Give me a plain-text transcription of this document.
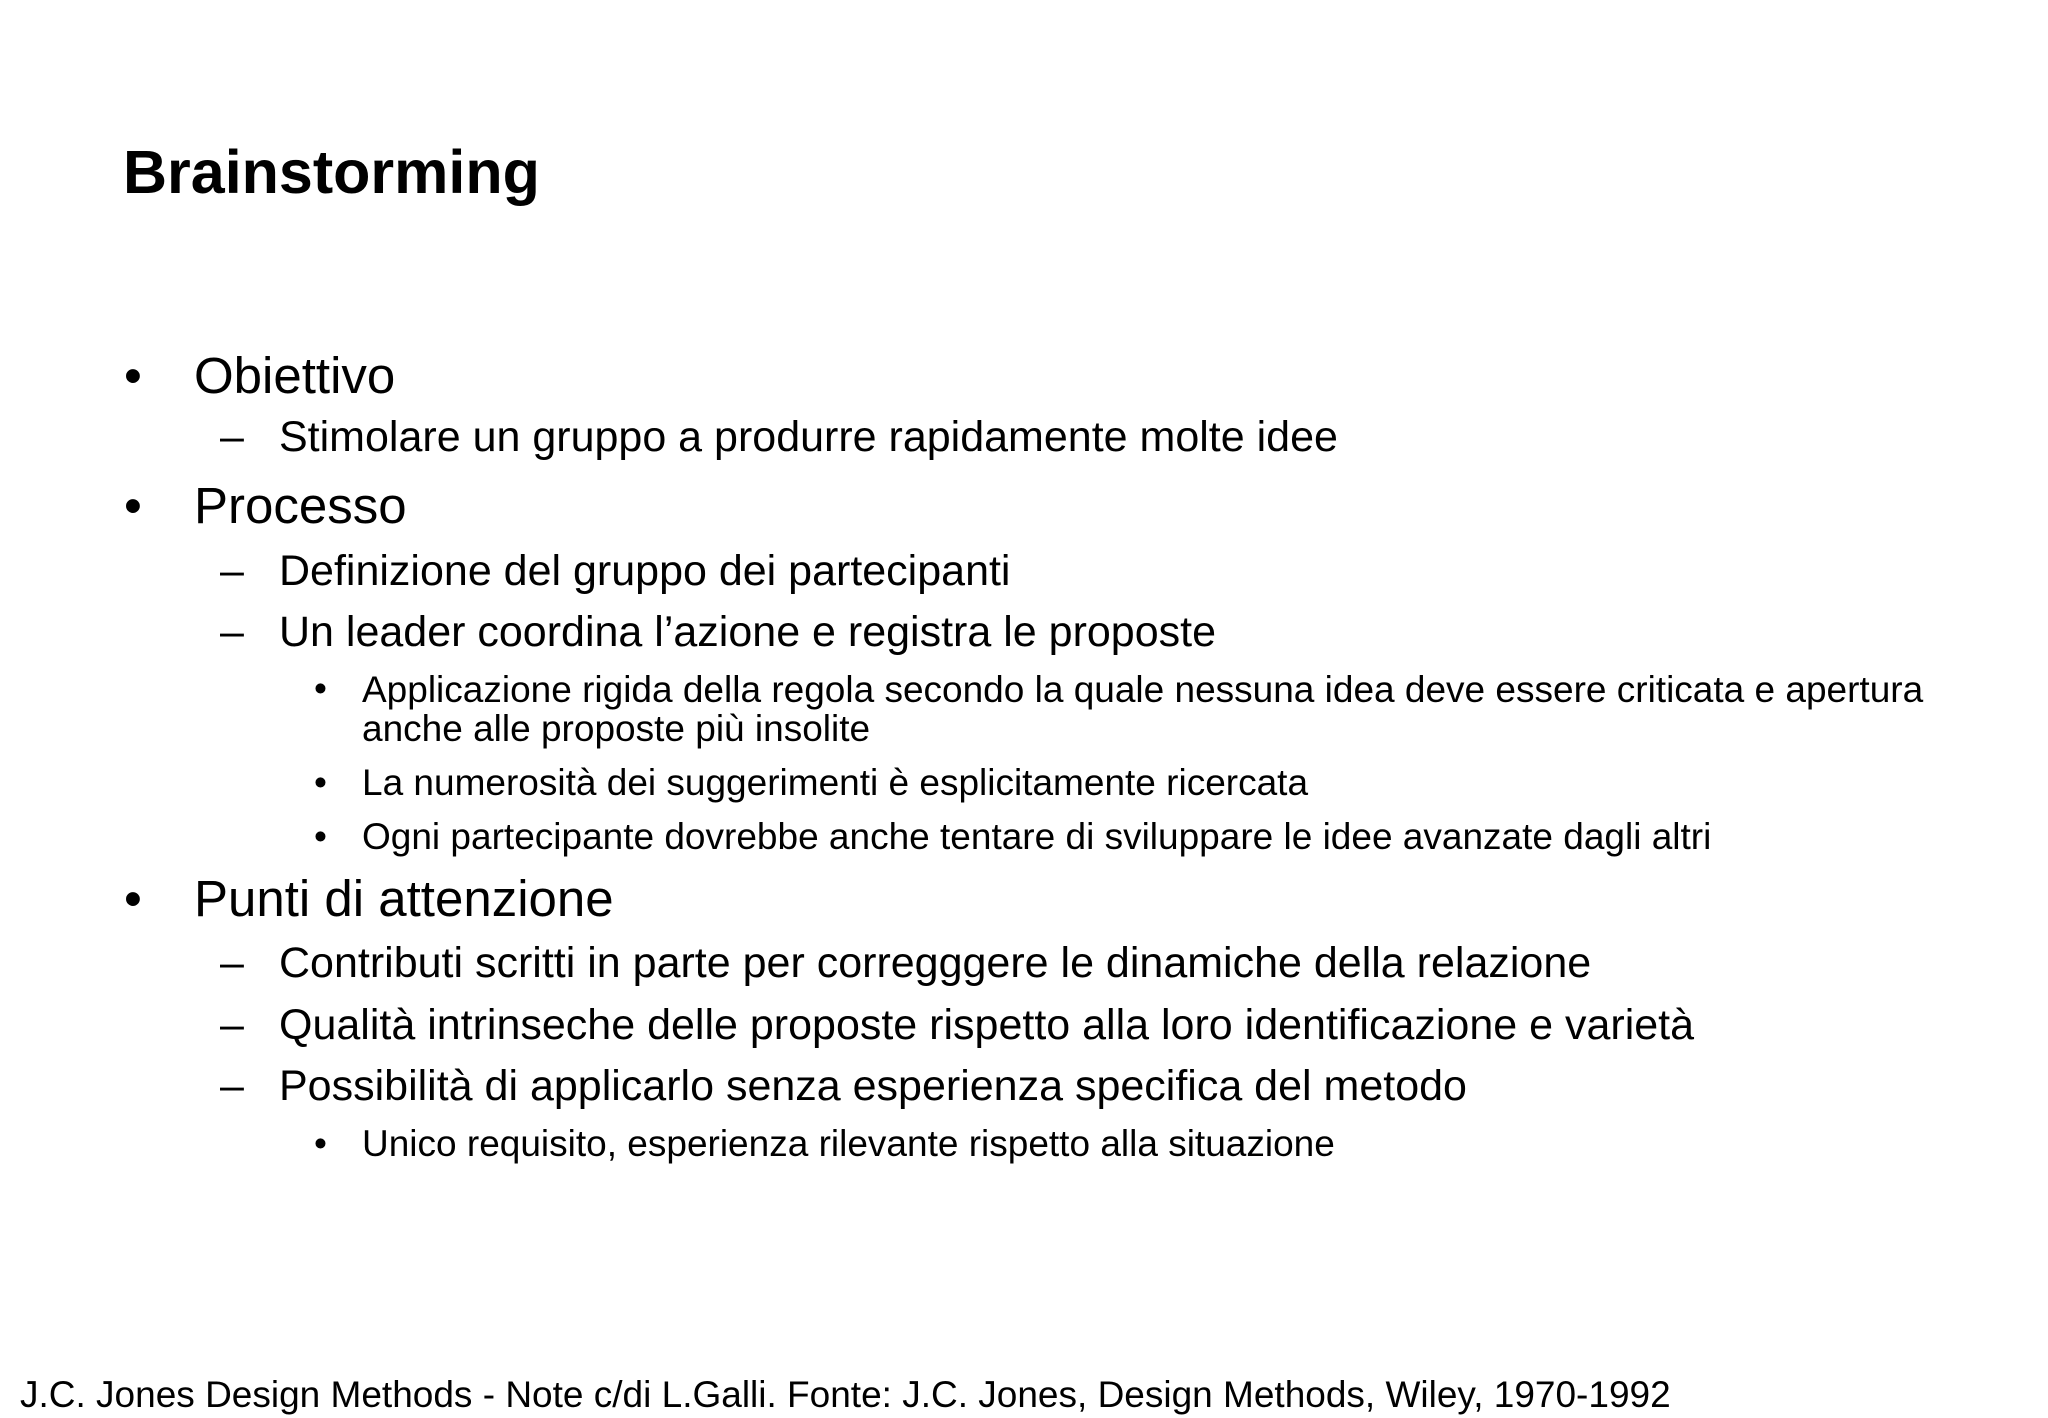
Brainstorming
• Obiettivo
– Stimolare un gruppo a produrre rapidamente molte idee
• Processo
– Definizione del gruppo dei partecipanti
– Un leader coordina l’azione e registra le proposte
• Applicazione rigida della regola secondo la quale nessuna idea deve essere criticata e apertura anche alle proposte più insolite
• La numerosità dei suggerimenti è esplicitamente ricercata
• Ogni partecipante dovrebbe anche tentare di sviluppare le idee avanzate dagli altri
• Punti di attenzione
– Contributi scritti in parte per corregggere le dinamiche della relazione
– Qualità intrinseche delle proposte rispetto alla loro identificazione e varietà
– Possibilità di applicarlo senza esperienza specifica del metodo
• Unico requisito, esperienza rilevante rispetto alla situazione
J.C. Jones Design Methods - Note c/di L.Galli. Fonte: J.C. Jones, Design Methods, Wiley, 1970-1992
